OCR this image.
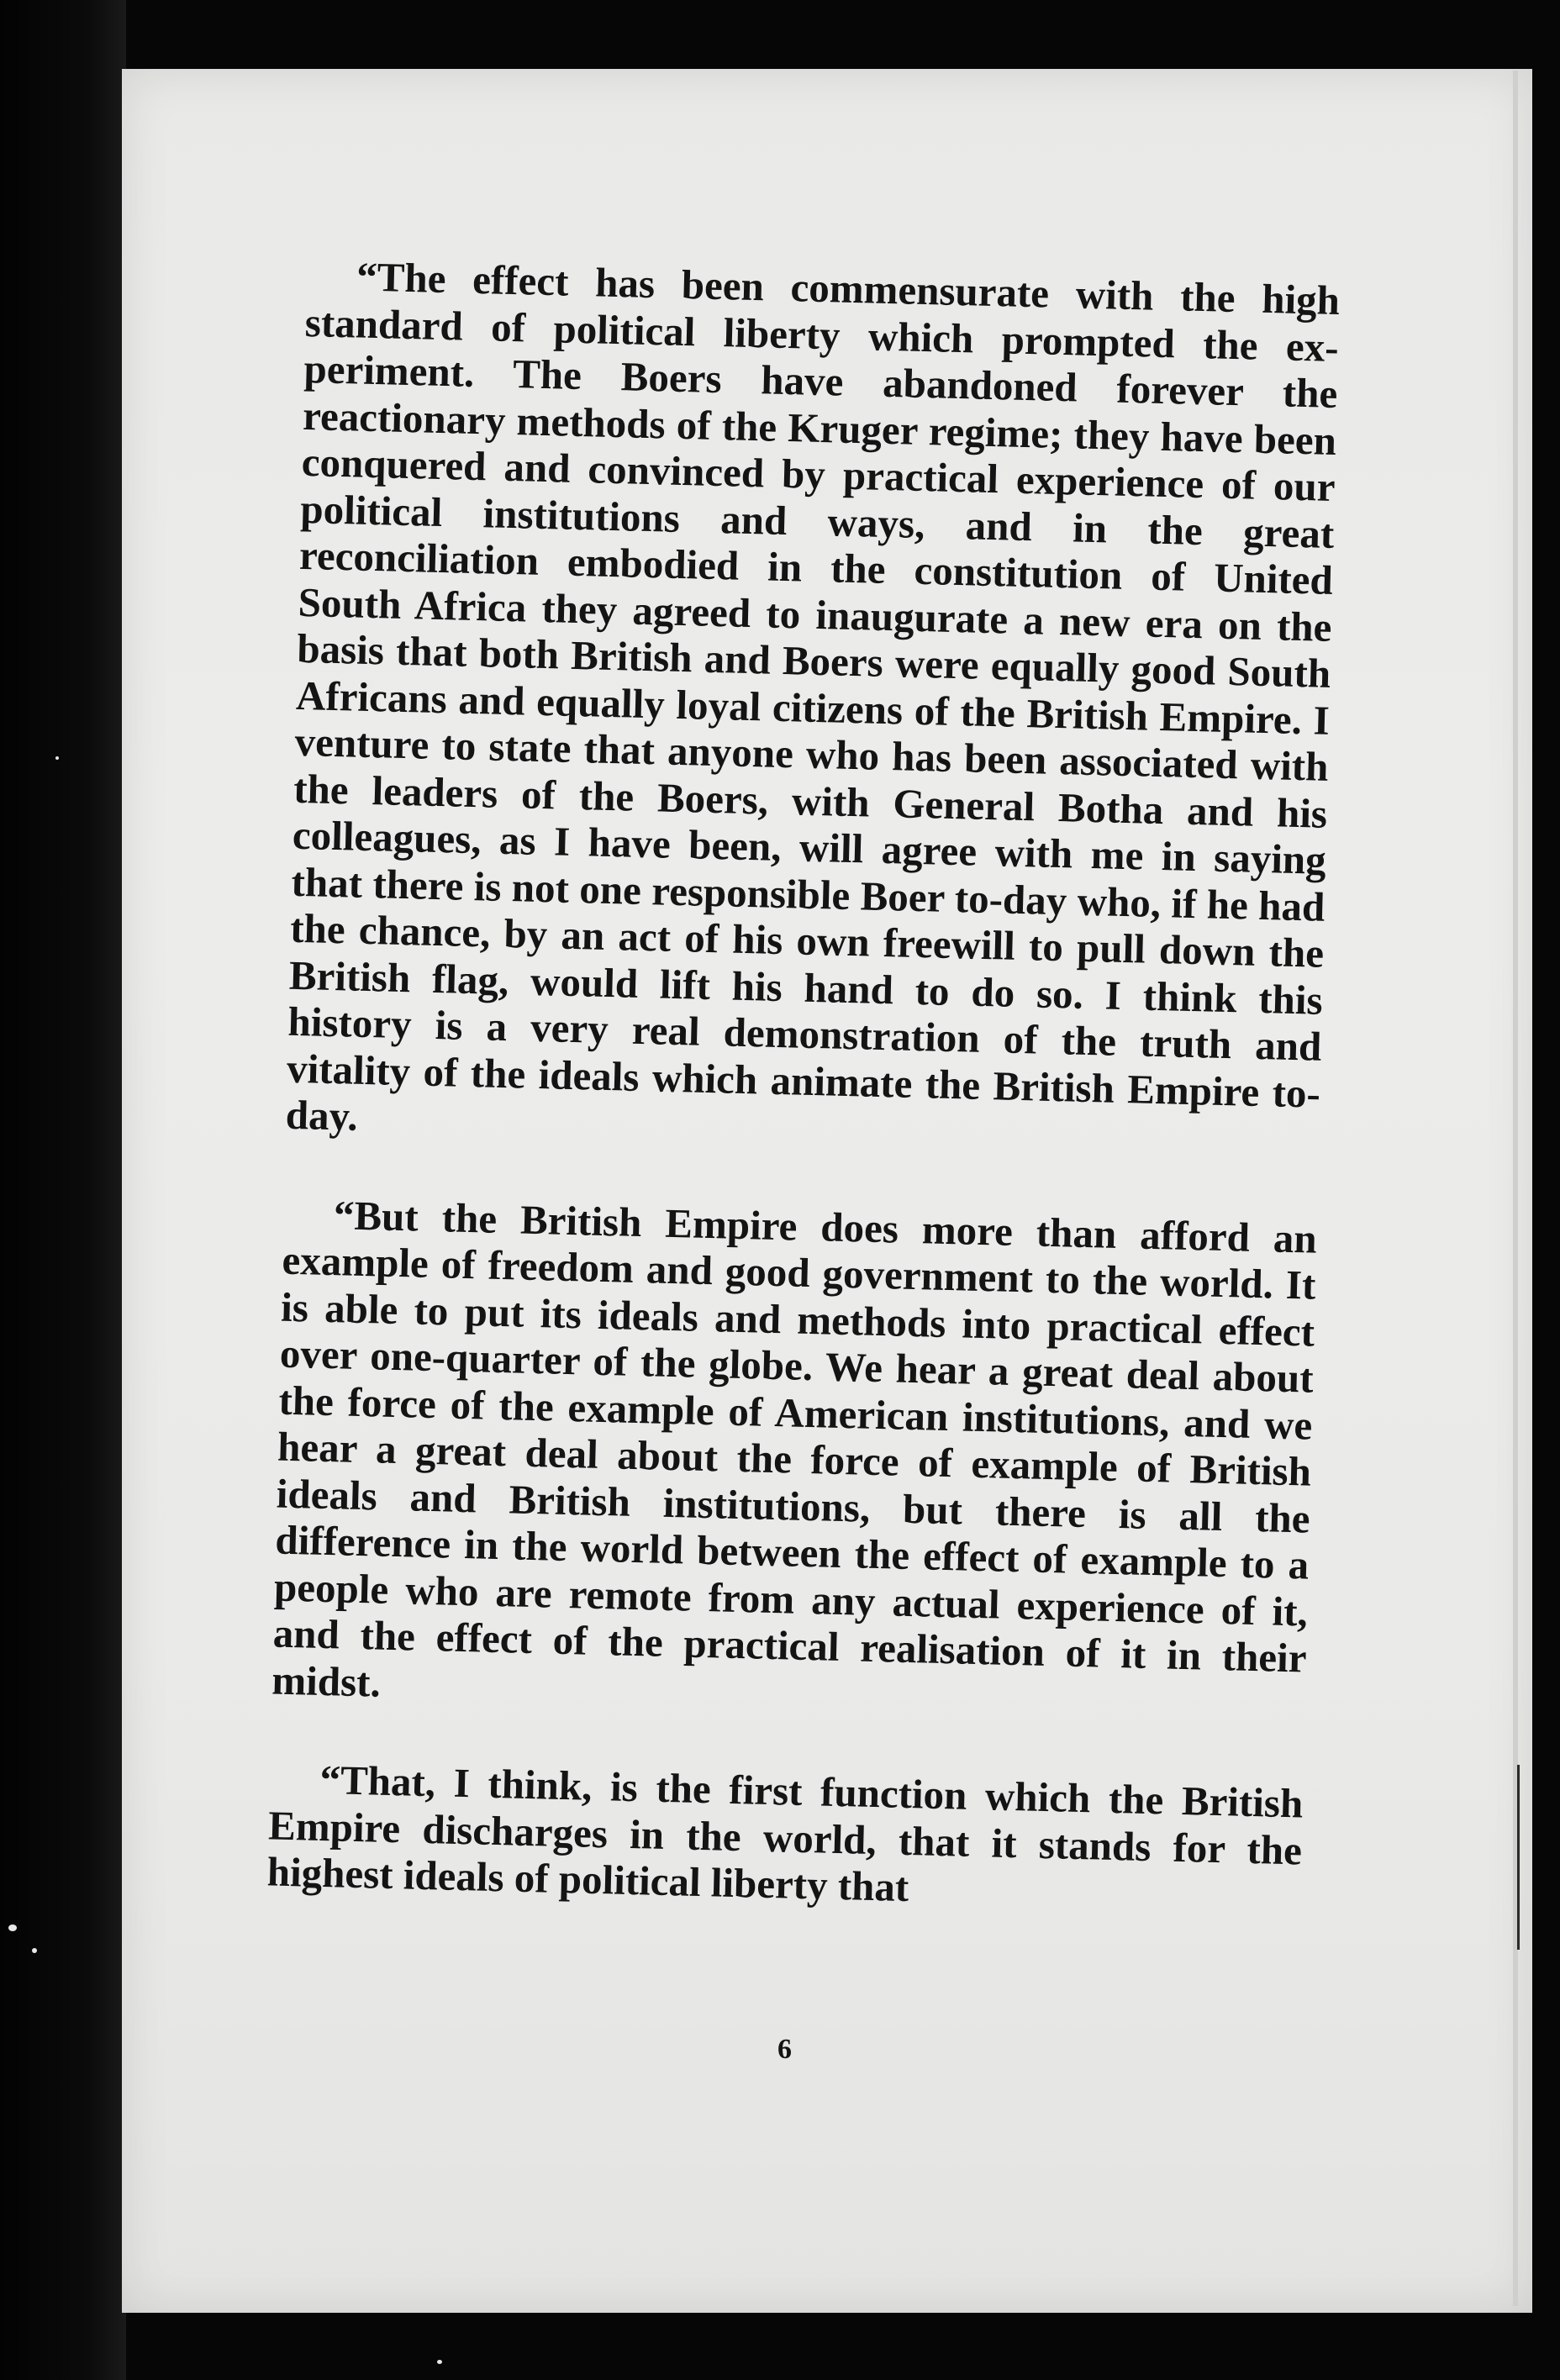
“The effect has been commensurate with the high standard of political liberty which prompted the experiment. The Boers have abandoned forever the reactionary methods of the Kruger regime; they have been conquered and convinced by practical experience of our political institutions and ways, and in the great reconciliation embodied in the constitution of United South Africa they agreed to inaugurate a new era on the basis that both British and Boers were equally good South Africans and equally loyal citizens of the British Empire. I venture to state that anyone who has been associated with the leaders of the Boers, with General Botha and his colleagues, as I have been, will agree with me in saying that there is not one responsible Boer to-day who, if he had the chance, by an act of his own freewill to pull down the British flag, would lift his hand to do so. I think this history is a very real demonstration of the truth and vitality of the ideals which animate the British Empire to-day.

“But the British Empire does more than afford an example of freedom and good government to the world. It is able to put its ideals and methods into practical effect over one-quarter of the globe. We hear a great deal about the force of the example of American institutions, and we hear a great deal about the force of example of British ideals and British institutions, but there is all the difference in the world between the effect of example to a people who are remote from any actual experience of it, and the effect of the practical realisation of it in their midst.

“That, I think, is the first function which the British Empire discharges in the world, that it stands for the highest ideals of political liberty that

6
